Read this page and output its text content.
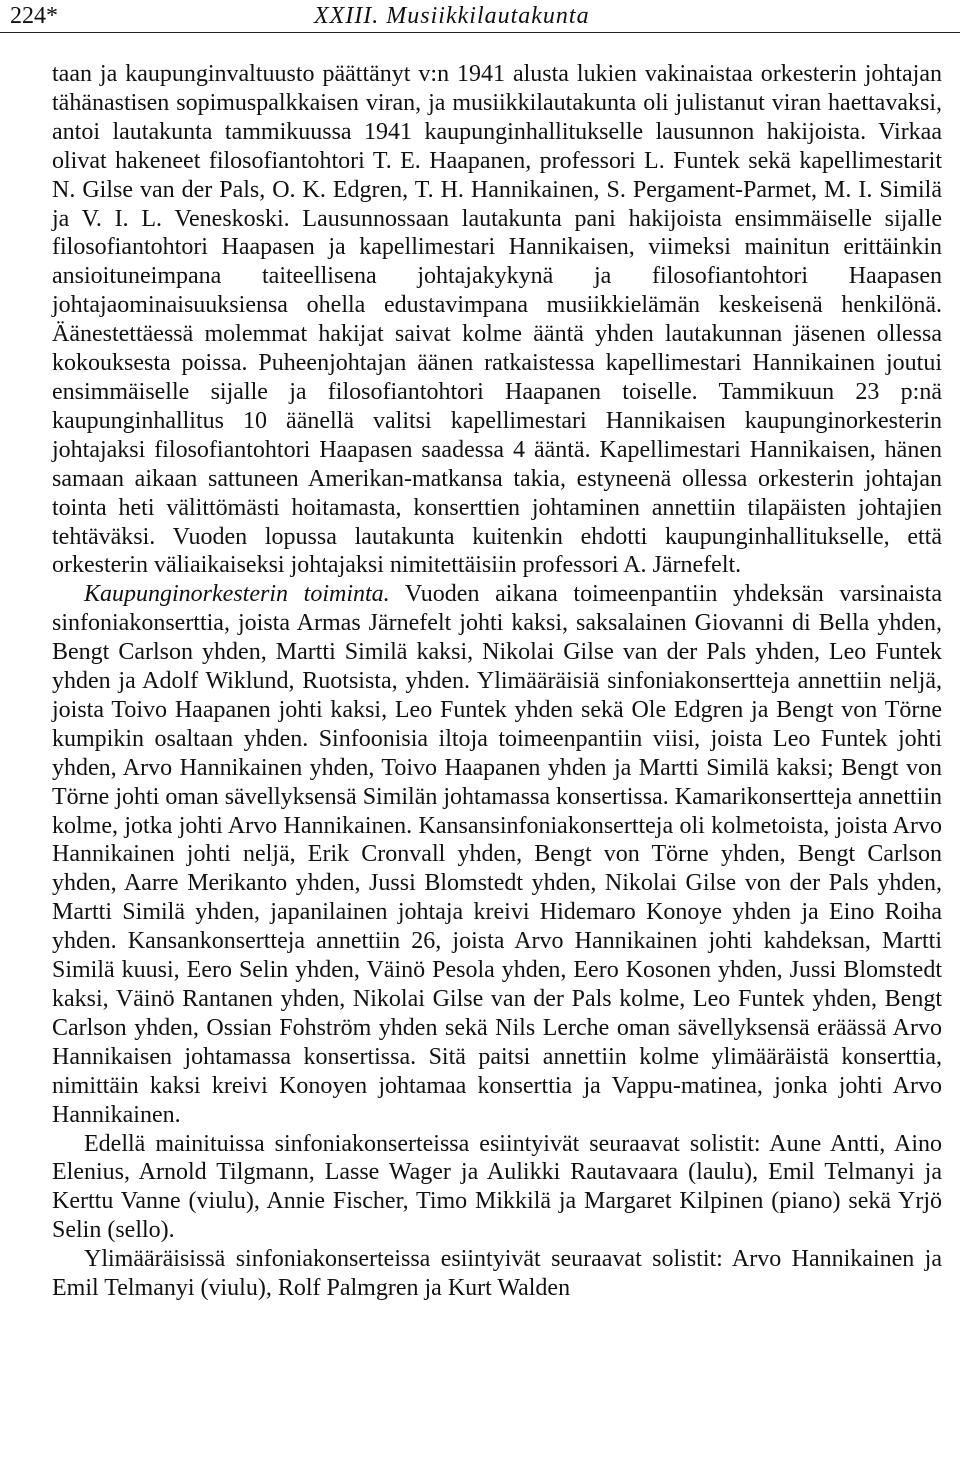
224*	XXIII. Musiikkilautakunta

taan ja kaupunginvaltuusto päättänyt v:n 1941 alusta lukien vakinaistaa orkesterin johtajan tähänastisen sopimuspalkkaisen viran, ja musiikkilautakunta oli julistanut viran haettavaksi, antoi lautakunta tammikuussa 1941 kaupunginhallitukselle lausunnon hakijoista. Virkaa olivat hakeneet filosofiantohtori T. E. Haapanen, professori L. Funtek sekä kapellimestarit N. Gilse van der Pals, O. K. Edgren, T. H. Hannikainen, S. Pergament-Parmet, M. I. Similä ja V. I. L. Veneskoski. Lausunnossaan lautakunta pani hakijoista ensimmäiselle sijalle filosofiantohtori Haapasen ja kapellimestari Hannikaisen, viimeksi mainitun erittäinkin ansioituneimpana taiteellisena johtajakykynä ja filosofiantohtori Haapasen johtajaominaisuuksiensa ohella edustavimpana musiikkielämän keskeisenä henkilönä. Äänestettäessä molemmat hakijat saivat kolme ääntä yhden lautakunnan jäsenen ollessa kokouksesta poissa. Puheenjohtajan äänen ratkaistessa kapellimestari Hannikainen joutui ensimmäiselle sijalle ja filosofiantohtori Haapanen toiselle. Tammikuun 23 p:nä kaupunginhallitus 10 äänellä valitsi kapellimestari Hannikaisen kaupunginorkesterin johtajaksi filosofiantohtori Haapasen saadessa 4 ääntä. Kapellimestari Hannikaisen, hänen samaan aikaan sattuneen Amerikan-matkansa takia, estyneenä ollessa orkesterin johtajan tointa heti välittömästi hoitamasta, konserttien johtaminen annettiin tilapäisten johtajien tehtäväksi. Vuoden lopussa lautakunta kuitenkin ehdotti kaupunginhallitukselle, että orkesterin väliaikaiseksi johtajaksi nimitettäisiin professori A. Järnefelt.

Kaupunginorkesterin toiminta. Vuoden aikana toimeenpantiin yhdeksän varsinaista sinfoniakonserttia, joista Armas Järnefelt johti kaksi, saksalainen Giovanni di Bella yhden, Bengt Carlson yhden, Martti Similä kaksi, Nikolai Gilse van der Pals yhden, Leo Funtek yhden ja Adolf Wiklund, Ruotsista, yhden. Ylimääräisiä sinfoniakonsertteja annettiin neljä, joista Toivo Haapanen johti kaksi, Leo Funtek yhden sekä Ole Edgren ja Bengt von Törne kumpikin osaltaan yhden. Sinfoonisia iltoja toimeenpantiin viisi, joista Leo Funtek johti yhden, Arvo Hannikainen yhden, Toivo Haapanen yhden ja Martti Similä kaksi; Bengt von Törne johti oman sävellyksensä Similän johtamassa konsertissa. Kamarikonsertteja annettiin kolme, jotka johti Arvo Hannikainen. Kansansinfoniakonsertteja oli kolmetoista, joista Arvo Hannikainen johti neljä, Erik Cronvall yhden, Bengt von Törne yhden, Bengt Carlson yhden, Aarre Merikanto yhden, Jussi Blomstedt yhden, Nikolai Gilse von der Pals yhden, Martti Similä yhden, japanilainen johtaja kreivi Hidemaro Konoye yhden ja Eino Roiha yhden. Kansankonsertteja annettiin 26, joista Arvo Hannikainen johti kahdeksan, Martti Similä kuusi, Eero Selin yhden, Väinö Pesola yhden, Eero Kosonen yhden, Jussi Blomstedt kaksi, Väinö Rantanen yhden, Nikolai Gilse van der Pals kolme, Leo Funtek yhden, Bengt Carlson yhden, Ossian Fohström yhden sekä Nils Lerche oman sävellyksensä eräässä Arvo Hannikaisen johtamassa konsertissa. Sitä paitsi annettiin kolme ylimääräistä konserttia, nimittäin kaksi kreivi Konoyen johtamaa konserttia ja Vappu-matinea, jonka johti Arvo Hannikainen.

Edellä mainituissa sinfoniakonserteissa esiintyivät seuraavat solistit: Aune Antti, Aino Elenius, Arnold Tilgmann, Lasse Wager ja Aulikki Rautavaara (laulu), Emil Telmanyi ja Kerttu Vanne (viulu), Annie Fischer, Timo Mikkilä ja Margaret Kilpinen (piano) sekä Yrjö Selin (sello).

Ylimääräisissä sinfoniakonserteissa esiintyivät seuraavat solistit: Arvo Hannikainen ja Emil Telmanyi (viulu), Rolf Palmgren ja Kurt Walden
